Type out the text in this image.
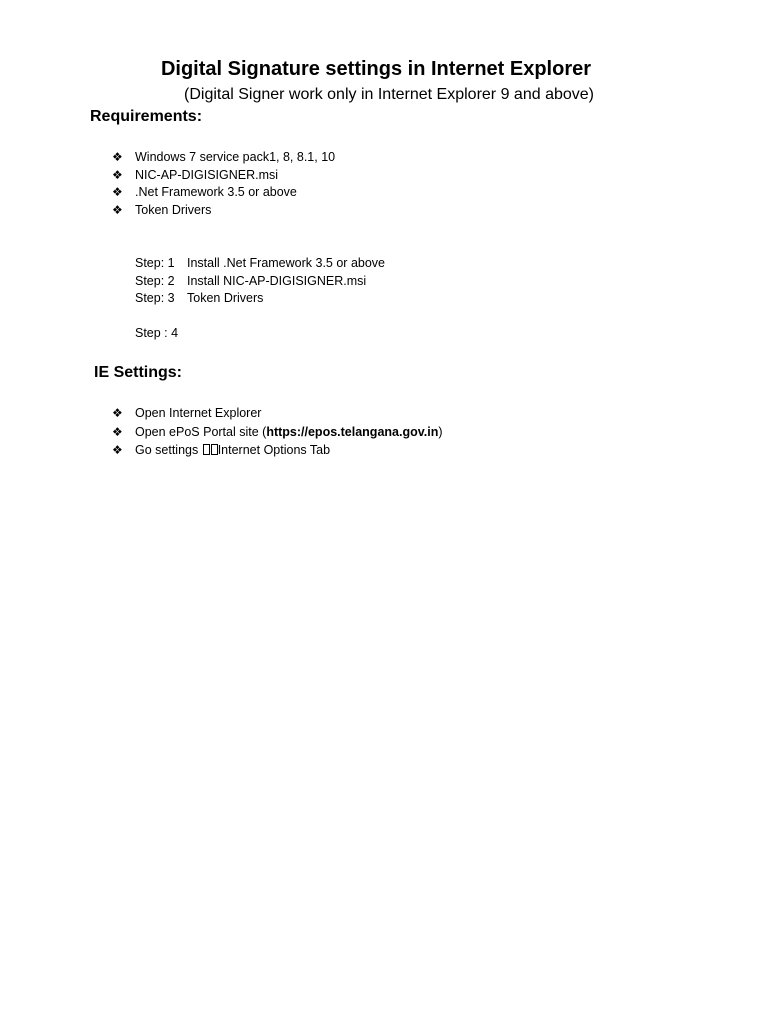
Digital Signature settings in Internet Explorer
(Digital Signer work only in Internet Explorer 9 and above)
Requirements:
❖ Windows 7 service pack1, 8, 8.1, 10
❖ NIC-AP-DIGISIGNER.msi
❖ .Net Framework 3.5 or above
❖ Token Drivers
Step: 1 Install .Net Framework 3.5 or above
Step: 2 Install NIC-AP-DIGISIGNER.msi
Step: 3 Token Drivers
Step : 4
IE Settings:
❖ Open Internet Explorer
❖ Open ePoS Portal site (https://epos.telangana.gov.in)
❖ Go settings Internet Options Tab
